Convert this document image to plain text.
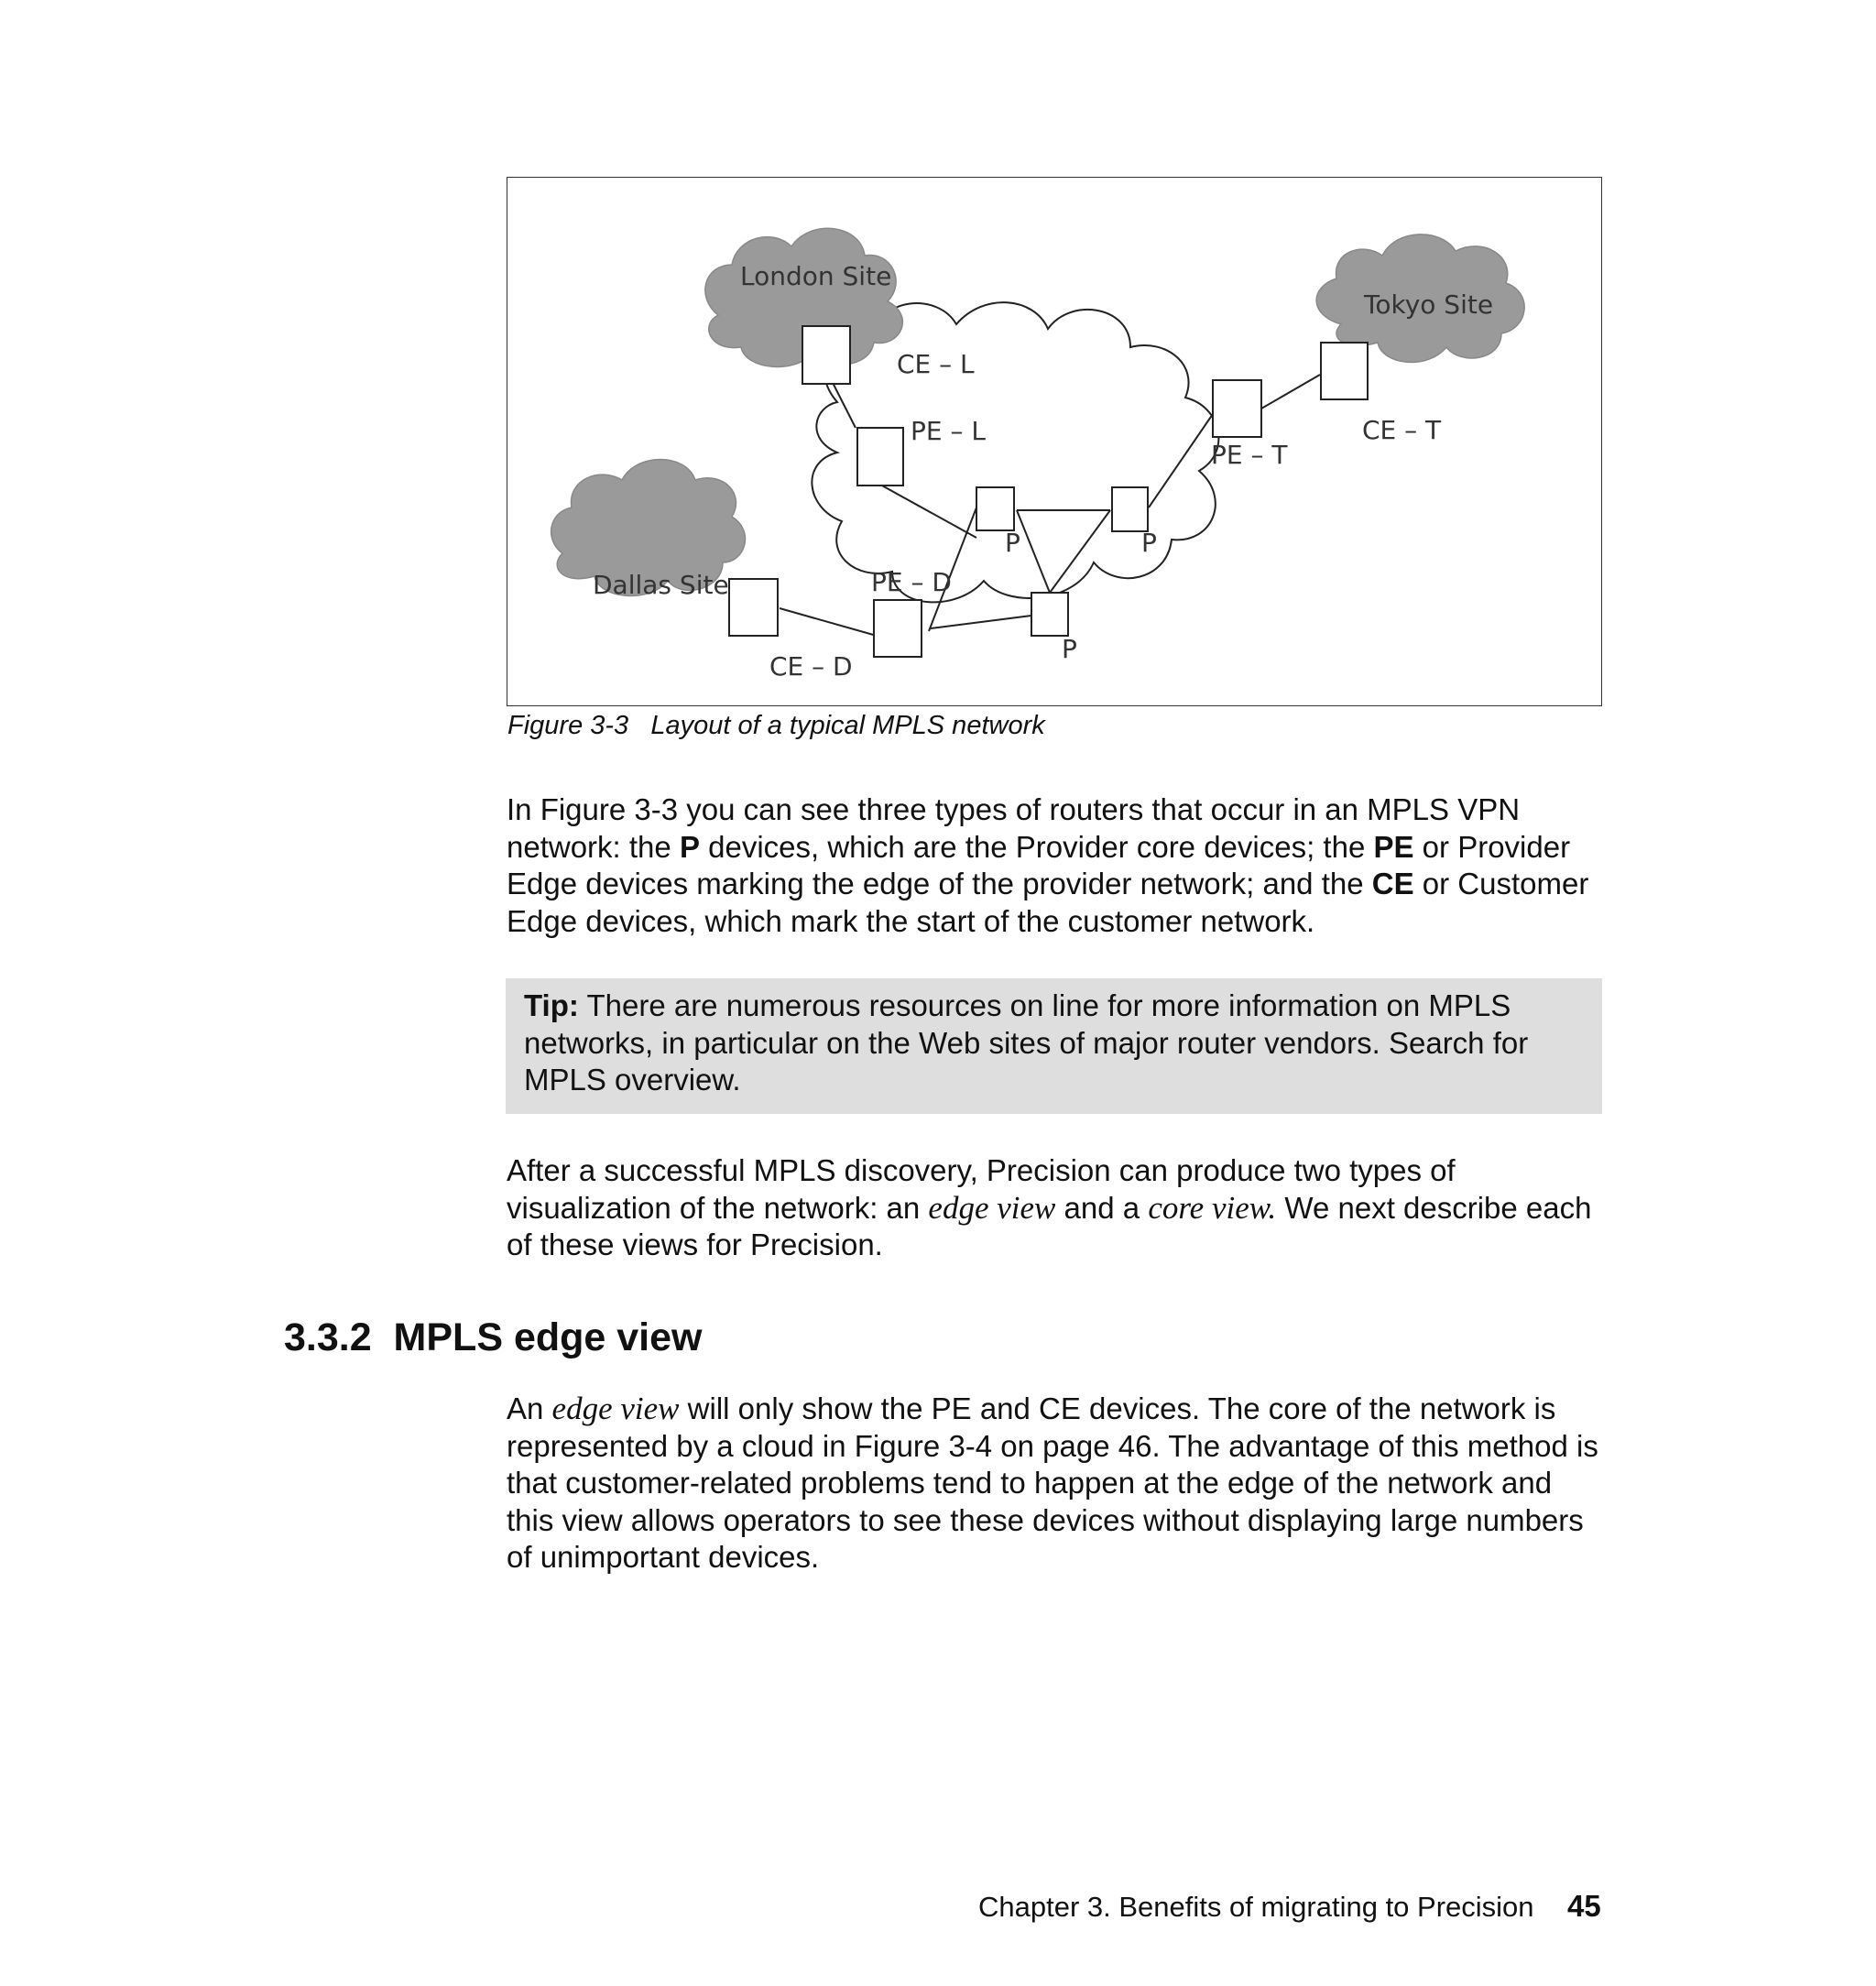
London Site
Tokyo Site
Dallas Site
CE – L
PE – L
PE – T
CE – T
PE – D
CE – D
P	P
P
Figure 3-3 Layout of a typical MPLS network
In Figure 3-3 you can see three types of routers that occur in an MPLS VPN network: the P devices, which are the Provider core devices; the PE or Provider Edge devices marking the edge of the provider network; and the CE or Customer Edge devices, which mark the start of the customer network.
Tip: There are numerous resources on line for more information on MPLS networks, in particular on the Web sites of major router vendors. Search for MPLS overview.
After a successful MPLS discovery, Precision can produce two types of visualization of the network: an edge view and a core view. We next describe each of these views for Precision.
3.3.2 MPLS edge view
An edge view will only show the PE and CE devices. The core of the network is represented by a cloud in Figure 3-4 on page 46. The advantage of this method is that customer-related problems tend to happen at the edge of the network and this view allows operators to see these devices without displaying large numbers of unimportant devices.
Chapter 3. Benefits of migrating to Precision 45
